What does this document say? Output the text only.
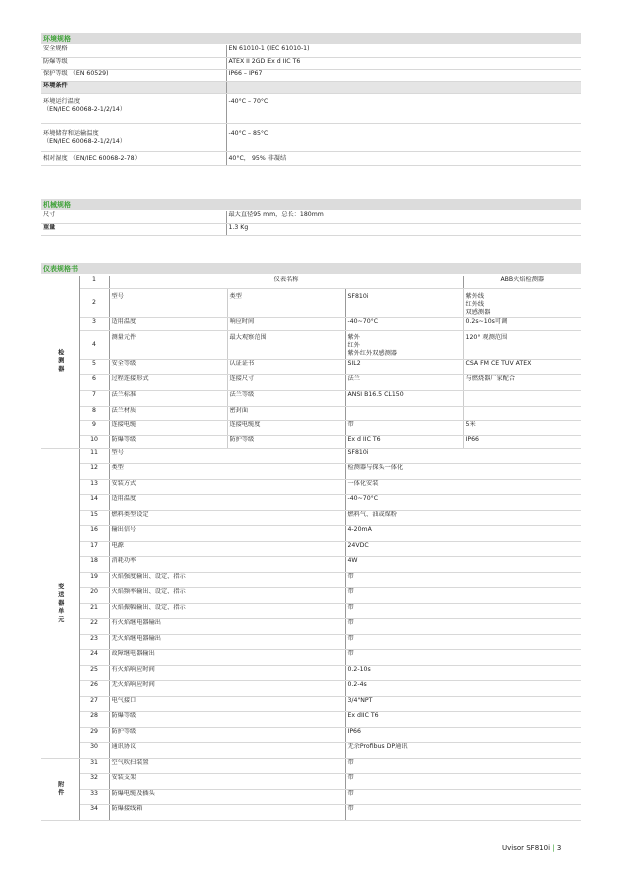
环境规格
安全规格	EN 61010-1 (IEC 61010-1)
防爆等级	ATEX II 2GD Ex d IIC T6
保护等级 （EN 60529)	IP66 – IP67
环境条件	

环境运行温度
（EN/IEC 60068-2-1/2/14）	-40°C – 70°C

环境储存和运输温度
（EN/IEC 60068-2-1/2/14）	-40°C – 85°C
相对湿度 （EN/IEC 60068-2-78）	40°C， 95% 非凝结
机械规格
尺寸	最大直径95 mm，总长：180mm
重量	1.3 Kg
仪表规格书
检测器	1	仪表名称			ABB火焰检测器
	2	型号	类型	SF810i	紫外线
红外线
双感测器

	3	适用温度	响应时间	-40~70°C	0.2s~10s可调
	4	测量元件	最大观察范围	紫外
红外
紫外红外双感测器	120° 观测范围
	5	安全等级	认证证书	SIL2	CSA FM CE TUV ATEX
	6	过程连接形式	连接尺寸	法兰	与燃烧器厂家配合
	7	法兰标准	法兰等级	ANSI B16.5 CL150	
	8	法兰材质	密封面		
	9	连接电缆	连接电缆度	带	5米
	10	防爆等级	防护等级	Ex d IIC T6	IP66
变送器单元	11	型号		SF810i	
	12	类型		检测器与探头一体化	
	13	安装方式		一体化安装	
	14	适用温度		-40~70°C	
	15	燃料类型设定		燃料气、油或煤粉	
	16	输出信号		4-20mA	
	17	电源		24VDC	
	18	消耗功率		4W	
	19	火焰强度输出、设定、指示		带	
	20	火焰频率输出、设定、指示		带	
	21	火焰振幅输出、设定、指示		带	
	22	有火焰继电器输出		带	
	23	无火焰继电器输出		带	
	24	故障继电器输出		带	
	25	有火焰响应时间		0.2-10s	
	26	无火焰响应时间		0.2-4s	
	27	电气接口		3/4"NPT	
	28	防爆等级		Ex dIIC T6	
	29	防护等级		IP66	
	30	通讯协议		无余Profibus DP通讯	
附件	31	空气吹扫装置		带	
	32	安装支架		带	
	33	防爆电缆及插头		带	
	34	防爆接线箱		带	
Uvisor SF810i | 3
